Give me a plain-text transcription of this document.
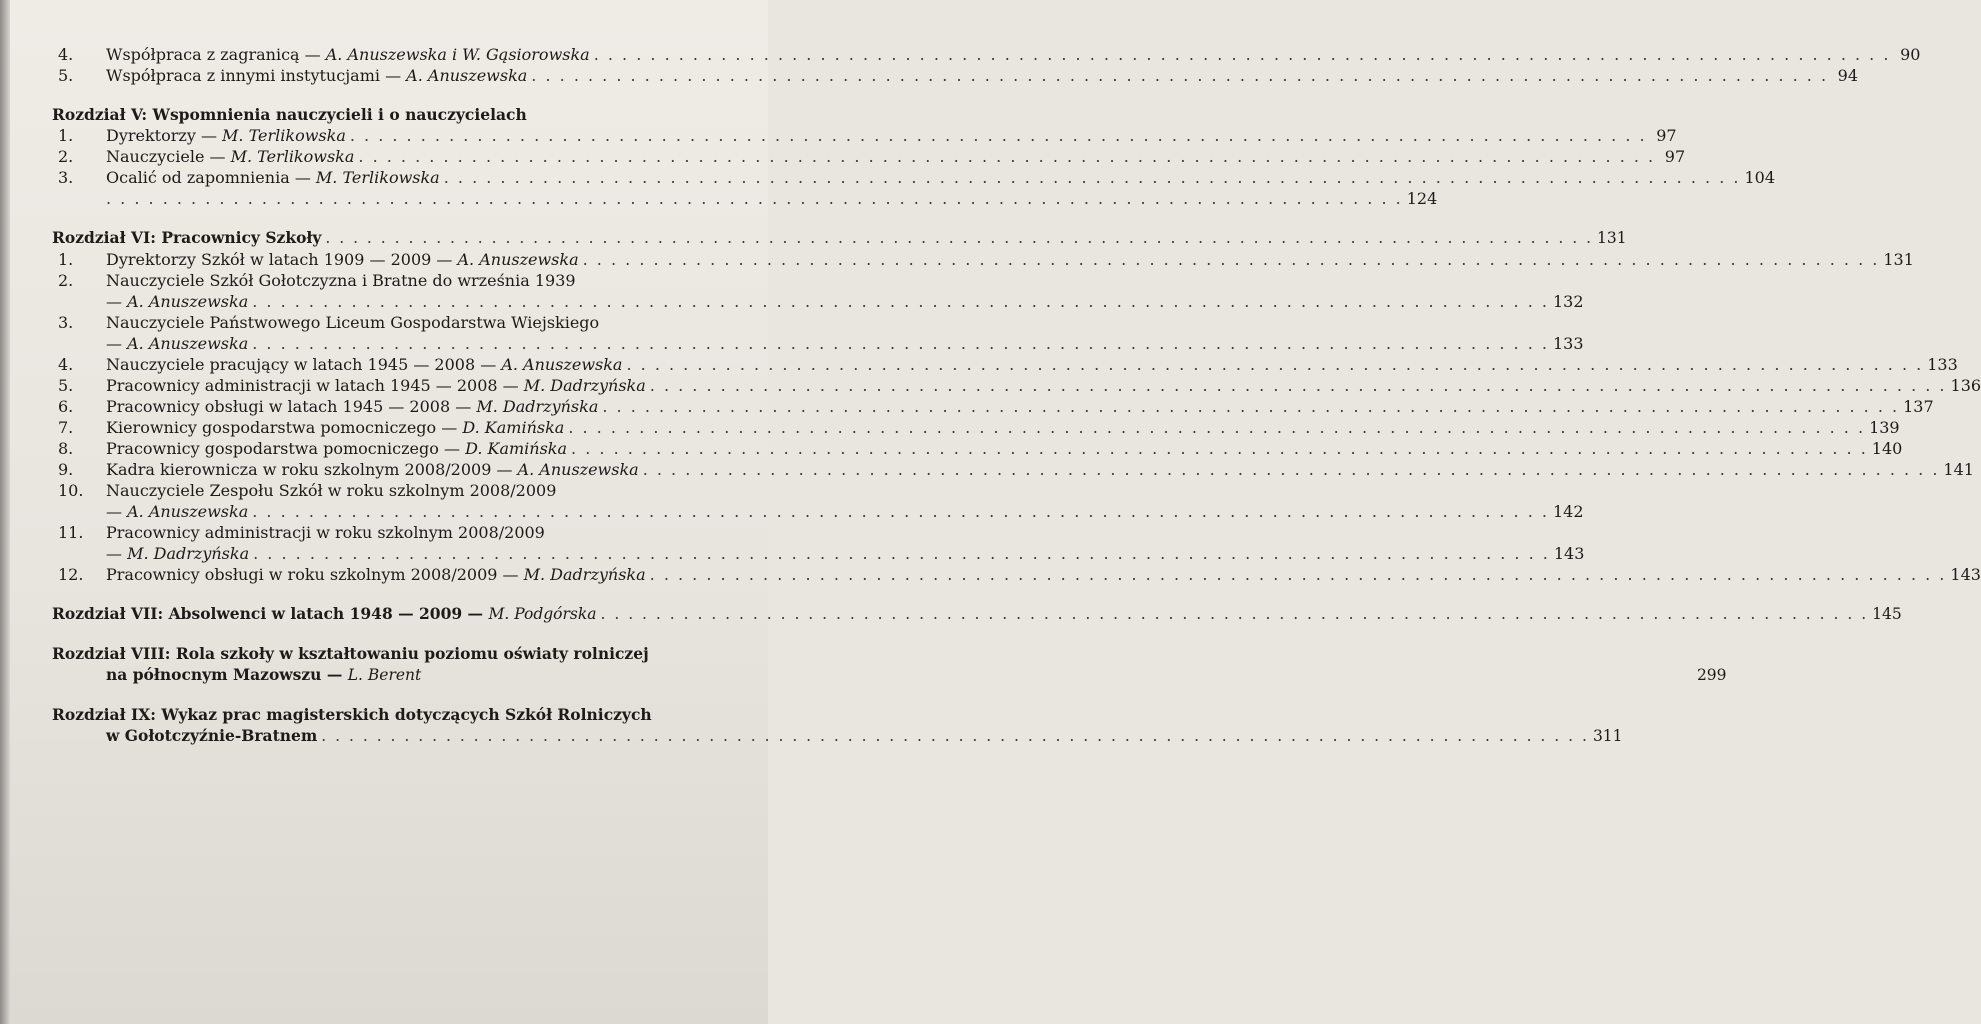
4.	Współpraca z zagranicą —
A. Anuszewska i W. Gąsiorowska . . .	90
5.	Współpraca z innymi instytucjami —
A. Anuszewska . . .	94
Rozdział V: Wspomnienia nauczycieli i o nauczycielach
1.	Dyrektorzy —
M. Terlikowska . . .	97
2.	Nauczyciele —
M. Terlikowska . . .	97
3.	Ocalić od zapomnienia —
M. Terlikowska . . .	104
. . .
124
Rozdział VI: Pracownicy Szkoły . . .	131
1.	Dyrektorzy Szkół w latach 1909 — 2009 —
A. Anuszewska . . .	131
2.	Nauczyciele Szkół Gołotczyzna i Bratne do września 1939
— A. Anuszewska . . .	132
3.	Nauczyciele Państwowego Liceum Gospodarstwa Wiejskiego
— A. Anuszewska . . .	133
4.	Nauczyciele pracujący w latach 1945 — 2008 —
A. Anuszewska . . .	133
5.	Pracownicy administracji w latach 1945 — 2008 —
M. Dadrzyńska . . .	136
6.	Pracownicy obsługi w latach 1945 — 2008 —
M. Dadrzyńska . . .	137
7.	Kierownicy gospodarstwa pomocniczego —
D. Kamińska . . .	139
8.	Pracownicy gospodarstwa pomocniczego —
D. Kamińska . . .	140
9.	Kadra kierownicza w roku szkolnym 2008/2009 —
A. Anuszewska . . .	141
10.	Nauczyciele Zespołu Szkół w roku szkolnym 2008/2009
— A. Anuszewska . . .	142
11.	Pracownicy administracji w roku szkolnym 2008/2009
— M. Dadrzyńska . . .	143
12.	Pracownicy obsługi w roku szkolnym 2008/2009 —
M. Dadrzyńska . . .	143
Rozdział VII: Absolwenci w latach 1948 — 2009 —
M. Podgórska . . .	145
Rozdział VIII: Rola szkoły w kształtowaniu poziomu oświaty rolniczej
na północnym Mazowszu —
L. Berent	299
Rozdział IX: Wykaz prac magisterskich dotyczących Szkół Rolniczych
w Gołotczyźnie-Bratnem . . .	311
